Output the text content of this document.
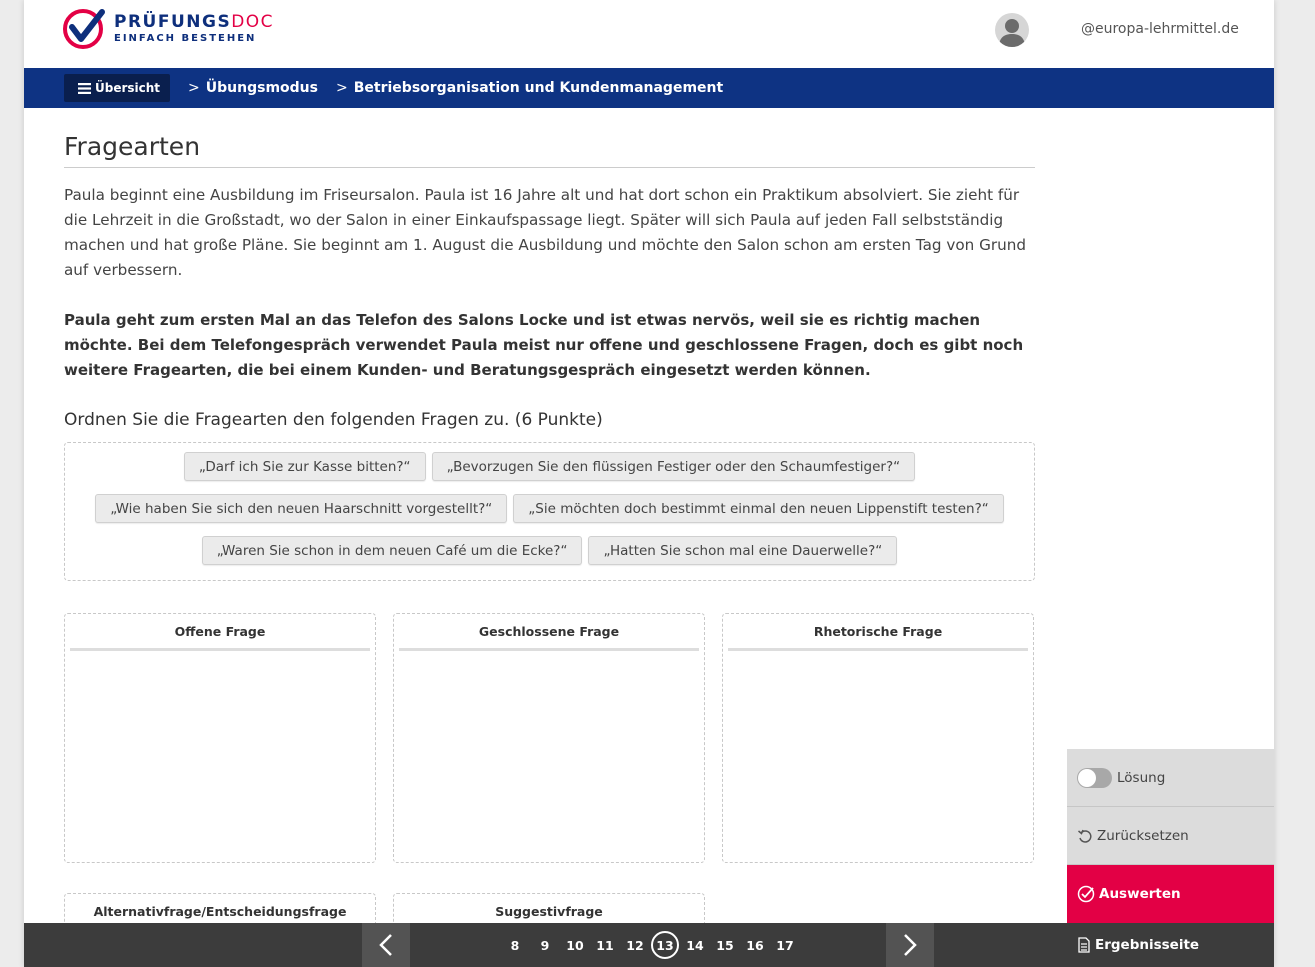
PRÜFUNGSDOC
EINFACH BESTEHEN
@europa-lehrmittel.de
Übersicht > Übungsmodus > Betriebsorganisation und Kundenmanagement
Fragearten

Paula beginnt eine Ausbildung im Friseursalon. Paula ist 16 Jahre alt und hat dort schon ein Praktikum absolviert. Sie zieht für die Lehrzeit in die Großstadt, wo der Salon in einer Einkaufspassage liegt. Später will sich Paula auf jeden Fall selbstständig machen und hat große Pläne. Sie beginnt am 1. August die Ausbildung und möchte den Salon schon am ersten Tag von Grund auf verbessern.

Paula geht zum ersten Mal an das Telefon des Salons Locke und ist etwas nervös, weil sie es richtig machen möchte. Bei dem Telefongespräch verwendet Paula meist nur offene und geschlossene Fragen, doch es gibt noch weitere Fragearten, die bei einem Kunden- und Beratungsgespräch eingesetzt werden können.

Ordnen Sie die Fragearten den folgenden Fragen zu. (6 Punkte)

„Darf ich Sie zur Kasse bitten?“	„Bevorzugen Sie den flüssigen Festiger oder den Schaumfestiger?“
„Wie haben Sie sich den neuen Haarschnitt vorgestellt?“	„Sie möchten doch bestimmt einmal den neuen Lippenstift testen?“
„Waren Sie schon in dem neuen Café um die Ecke?“	„Hatten Sie schon mal eine Dauerwelle?“
Offene Frage	Geschlossene Frage	Rhetorische Frage
Alternativfrage/Entscheidungsfrage	Suggestivfrage
Lösung
Zurücksetzen
Auswerten
Ergebnisseite
8	9	10	11	12	13	14	15	16	17
